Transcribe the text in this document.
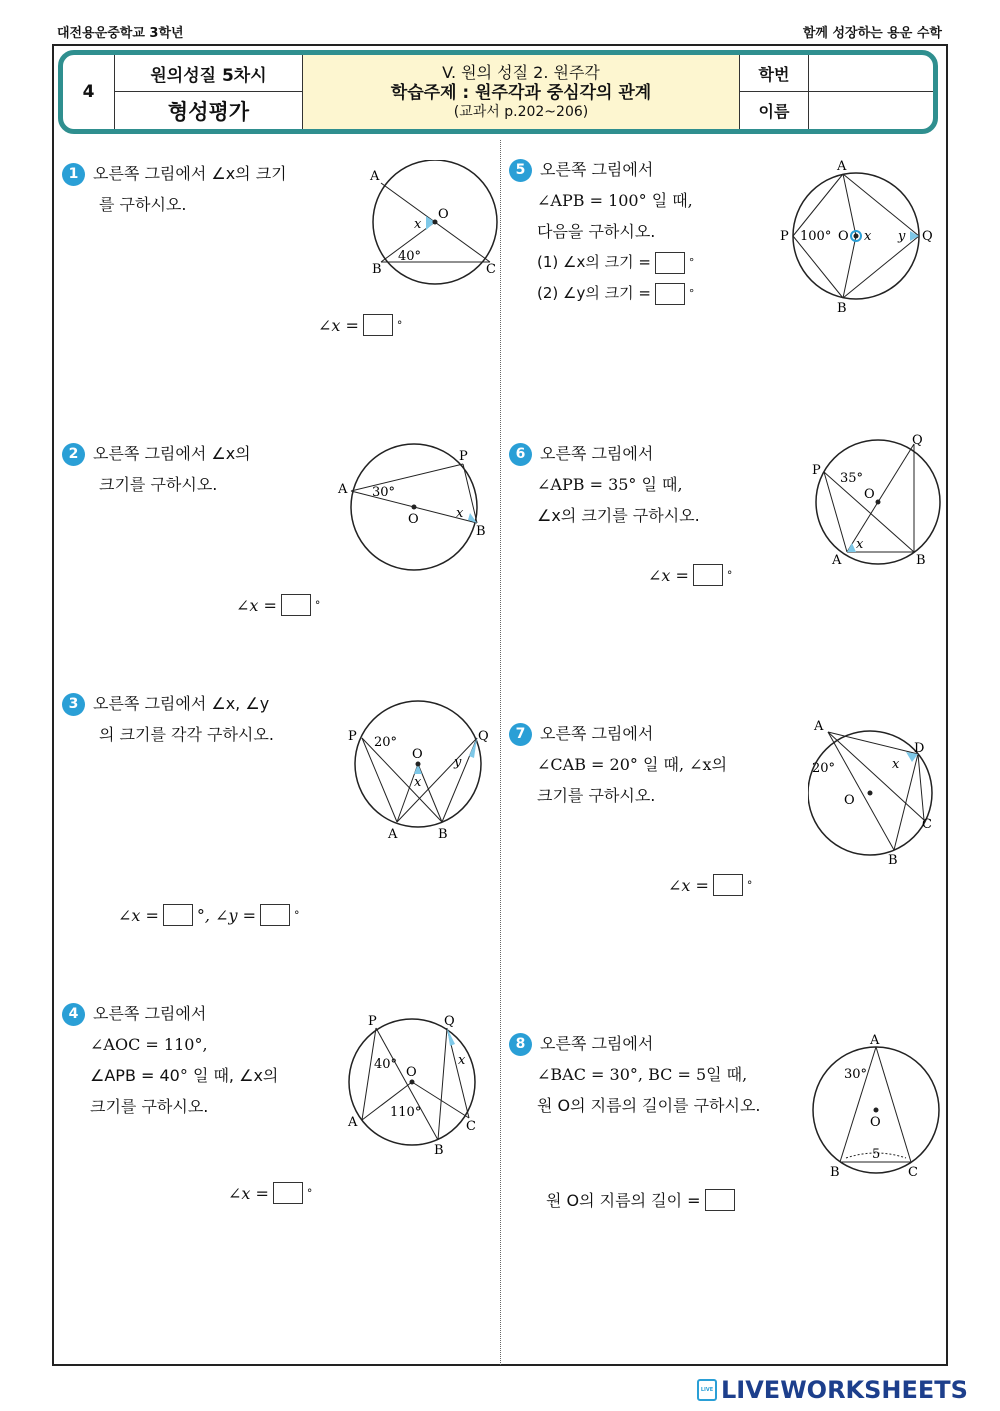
대전용운중학교 3학년	함께 성장하는 용운 수학
4
원의성질 5차시
형성평가
V. 원의 성질 2. 원주각
학습주제 : 원주각과 중심각의 관계
(교과서 p.202~206)
학번
이름
1 오른쪽 그림에서 ∠x의 크기
를 구하시오.
A
B	C
O
x
40°
∠x =	°
2 오른쪽 그림에서 ∠x의
크기를 구하시오.	A
P
B
O	x
30°
∠x =	°
3 오른쪽 그림에서 ∠x, ∠y
의 크기를 각각 구하시오.	P	Q
O
A	B
x
y
20°
∠x = °, ∠y =	°
4 오른쪽 그림에서
∠AOC = 110°,
∠APB = 40° 일 때, ∠x의
크기를 구하시오.
P	Q
A
B
C
O
x
40°
110°
∠x =	°
5 오른쪽 그림에서
∠APB = 100° 일 때,
다음을 구하시오.
(1) ∠x의 크기 =	°
(2) ∠y의 크기 =	°
A
B
P	Q
O x y
100°
6 오른쪽 그림에서
∠APB = 35° 일 때,
∠x의 크기를 구하시오.
P
Q
A	B
O
x
35°
∠x =	°
7 오른쪽 그림에서
∠CAB = 20° 일 때, ∠x의
크기를 구하시오.
A
D
C
B
O
x
20°
∠x =	°
8 오른쪽 그림에서
∠BAC = 30°, BC = 5일 때,
원 O의 지름의 길이를 구하시오.
A
B	C
O
30°
5
원 O의 지름의 길이 =
LIVE LIVEWORKSHEETS
